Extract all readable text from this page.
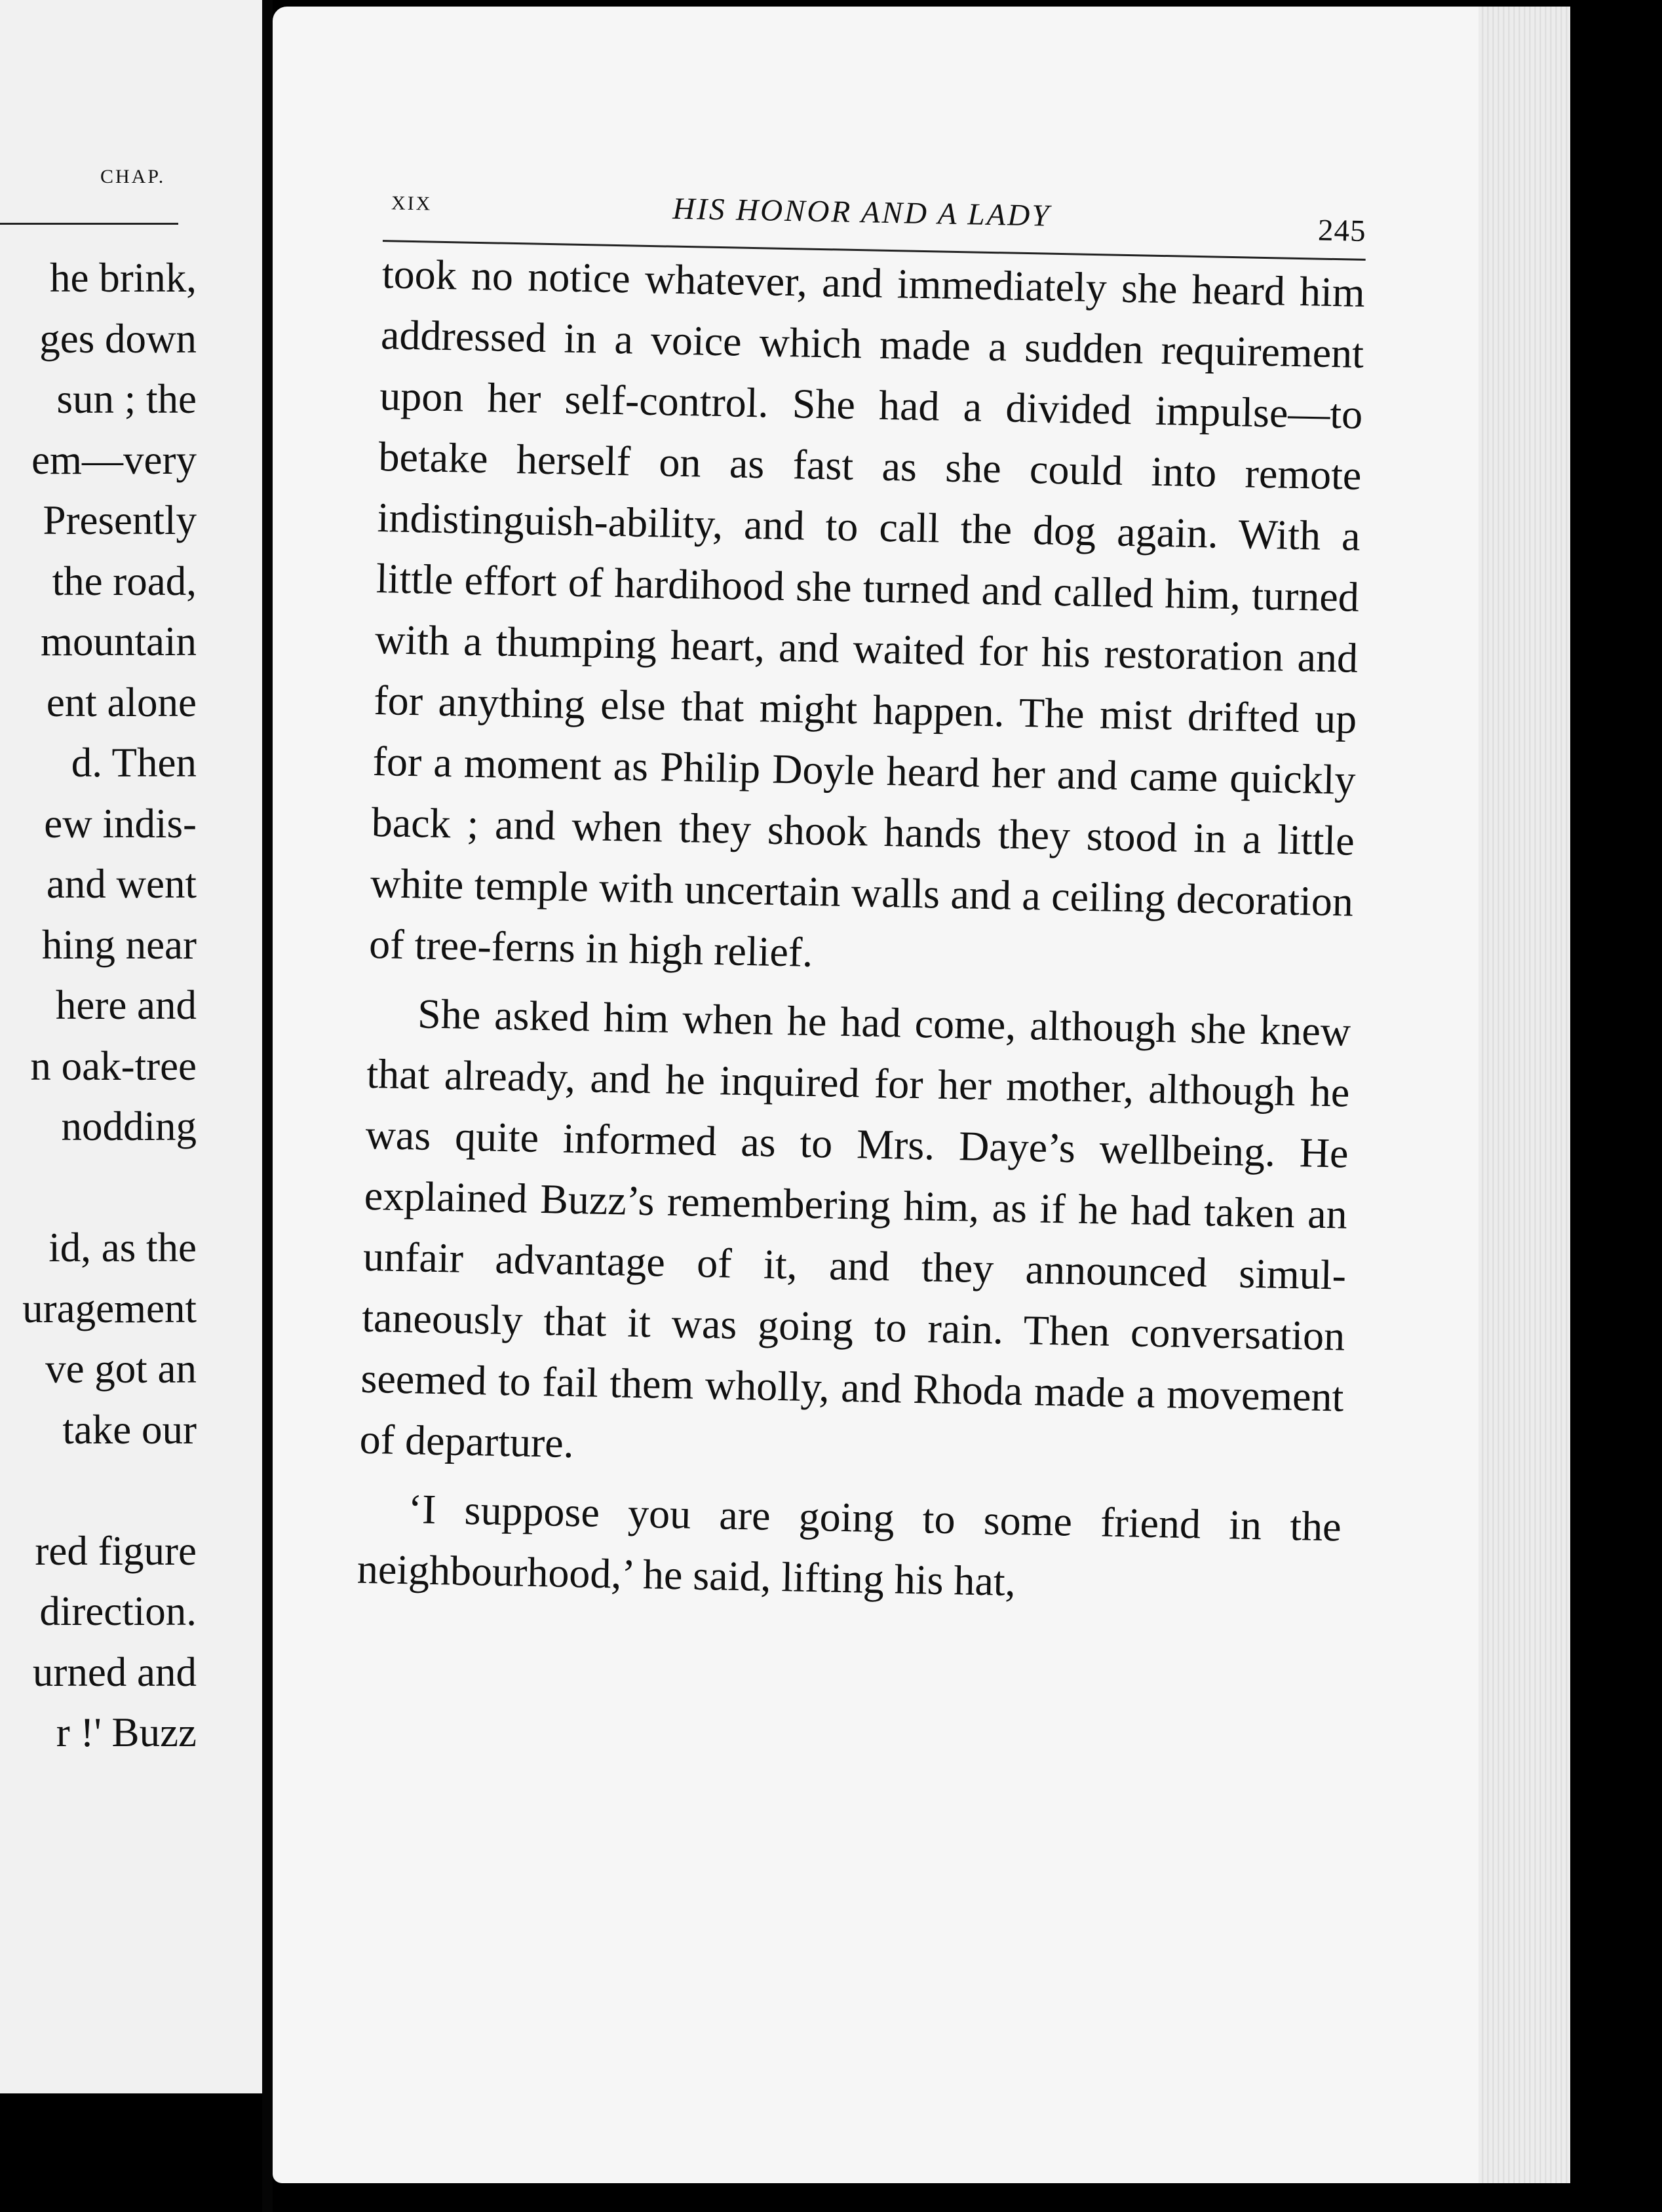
CHAP.

he brink,
ges down
sun ; the
em—very
Presently
the road,
mountain
ent alone
d. Then
ew indis-
and went
hing near
here and
n oak-tree
nodding
id, as the
uragement
ve got an
take our
red figure
direction.
urned and
r !' Buzz

XIX	HIS HONOR AND A LADY	245

took no notice whatever, and immediately she heard him addressed in a voice which made a sudden requirement upon her self-control. She had a divided impulse—to betake herself on as fast as she could into remote indistinguish-ability, and to call the dog again. With a little effort of hardihood she turned and called him, turned with a thumping heart, and waited for his restoration and for anything else that might happen. The mist drifted up for a moment as Philip Doyle heard her and came quickly back ; and when they shook hands they stood in a little white temple with uncertain walls and a ceiling decoration of tree-ferns in high relief.

She asked him when he had come, although she knew that already, and he inquired for her mother, although he was quite informed as to Mrs. Daye’s wellbeing. He explained Buzz’s remembering him, as if he had taken an unfair advantage of it, and they announced simul-taneously that it was going to rain. Then conversation seemed to fail them wholly, and Rhoda made a movement of departure.

‘I suppose you are going to some friend in the neighbourhood,’ he said, lifting his hat,
